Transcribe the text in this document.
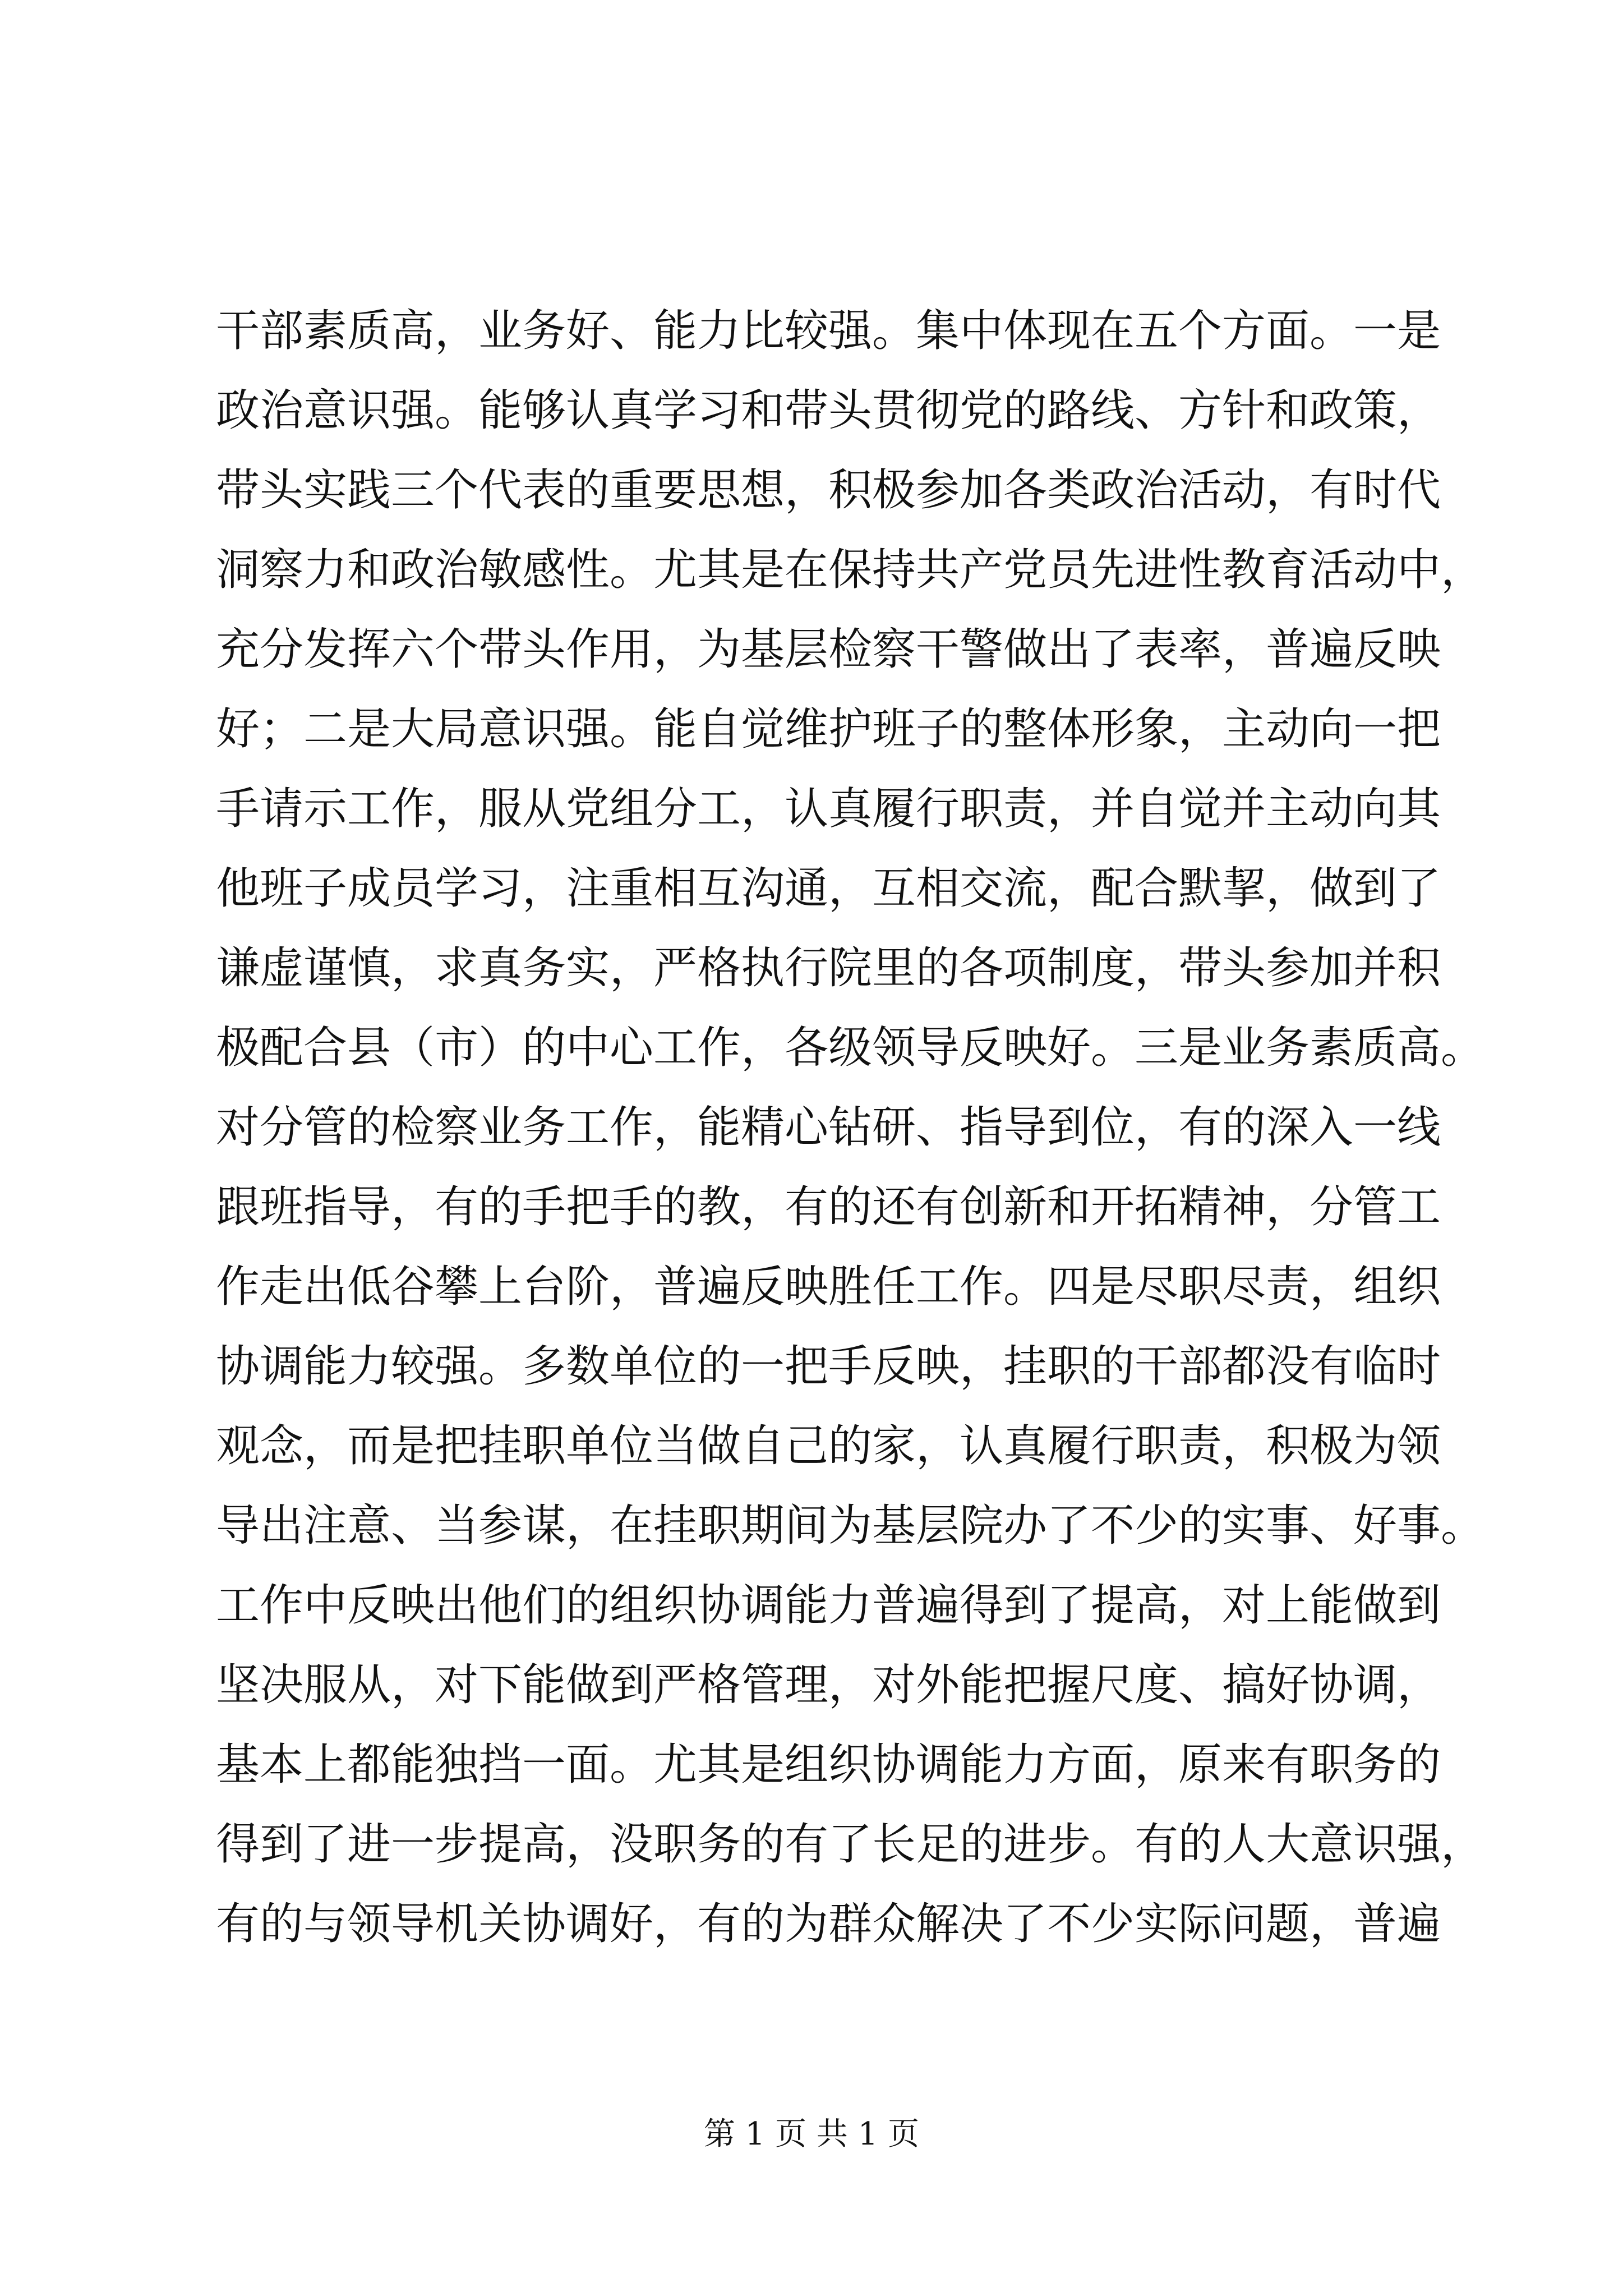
干部素质高，业务好、能力比较强。集中体现在五个方面。一是
政治意识强。能够认真学习和带头贯彻党的路线、方针和政策，
带头实践三个代表的重要思想，积极参加各类政治活动，有时代
洞察力和政治敏感性。尤其是在保持共产党员先进性教育活动中，
充分发挥六个带头作用，为基层检察干警做出了表率，普遍反映
好；二是大局意识强。能自觉维护班子的整体形象，主动向一把
手请示工作，服从党组分工，认真履行职责，并自觉并主动向其
他班子成员学习，注重相互沟通，互相交流，配合默挈，做到了
谦虚谨慎，求真务实，严格执行院里的各项制度，带头参加并积
极配合县（市）的中心工作，各级领导反映好。三是业务素质高。
对分管的检察业务工作，能精心钻研、指导到位，有的深入一线
跟班指导，有的手把手的教，有的还有创新和开拓精神，分管工
作走出低谷攀上台阶，普遍反映胜任工作。四是尽职尽责，组织
协调能力较强。多数单位的一把手反映，挂职的干部都没有临时
观念，而是把挂职单位当做自己的家，认真履行职责，积极为领
导出注意、当参谋，在挂职期间为基层院办了不少的实事、好事。
工作中反映出他们的组织协调能力普遍得到了提高，对上能做到
坚决服从，对下能做到严格管理，对外能把握尺度、搞好协调，
基本上都能独挡一面。尤其是组织协调能力方面，原来有职务的
得到了进一步提高，没职务的有了长足的进步。有的人大意识强，
有的与领导机关协调好，有的为群众解决了不少实际问题，普遍
第 1 页 共 1 页
